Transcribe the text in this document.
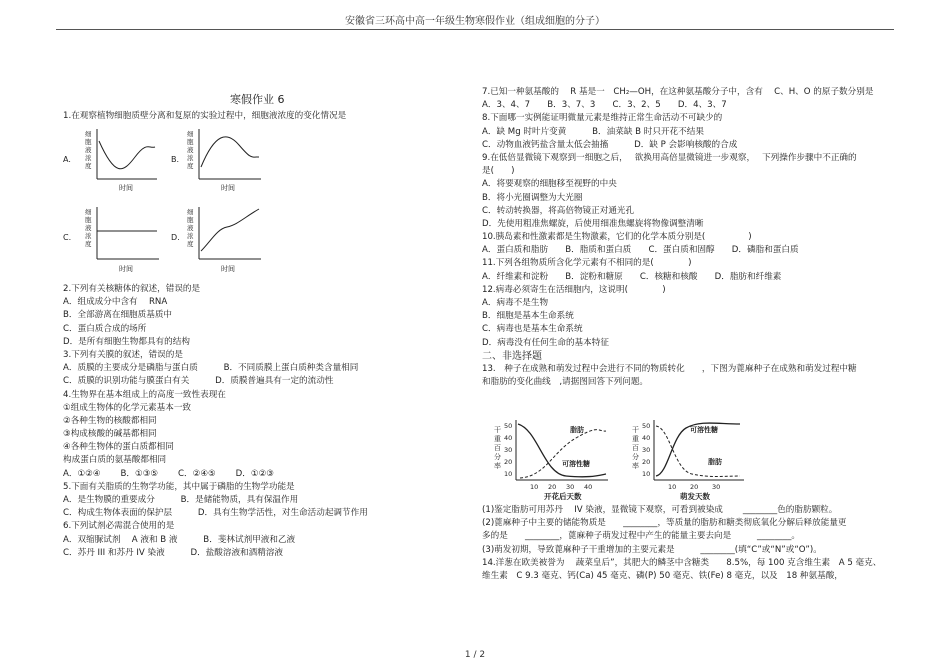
安徽省三环高中高一年级生物寒假作业（组成细胞的分子）
寒假作业 6
1.在观察植物细胞质壁分离和复原的实验过程中，细胞液浓度的变化情况是
A.
细
胞
液
浓
度
时间
B.
细
胞
液
浓
度
时间
C.
细
胞
液
浓
度
时间
D.
细
胞
液
浓
度
时间
2.下列有关核糖体的叙述，错误的是
A．组成成分中含有　 RNA
B．全部游离在细胞质基质中
C．蛋白质合成的场所
D．是所有细胞生物都具有的结构
3.下列有关膜的叙述，错误的是
A．质膜的主要成分是磷脂与蛋白质　　　B．不同质膜上蛋白质种类含量相同
C．质膜的识别功能与膜蛋白有关　　　D．质膜普遍具有一定的流动性
4.生物界在基本组成上的高度一致性表现在
①组成生物体的化学元素基本一致
②各种生物的核酸都相同
③构成核酸的碱基都相同
④各种生物体的蛋白质都相同
构成蛋白质的氨基酸都相同
A．①②④　　 B．①③⑤　　 C．②④⑤　　 D．①②③
5.下面有关脂质的生物学功能，其中属于磷脂的生物学功能是
A．是生物膜的重要成分　　　B．是储能物质，具有保温作用
C．构成生物体表面的保护层　　　D．具有生物学活性，对生命活动起调节作用
6.下列试剂必需混合使用的是
A．双缩脲试剂　 A 液和 B 液　　　B．斐林试剂甲液和乙液
C．苏丹 III 和苏丹 IV 染液　　　D．盐酸溶液和酒精溶液
7.已知一种氨基酸的　 R 基是一　CH₂—OH，在这种氨基酸分子中，含有　 C、H、O 的原子数分别是
A．3、4、7　　B．3、7、3　　C．3、2、5　　D．4、3、7
8.下面哪一实例能证明微量元素是维持正常生命活动不可缺少的
A．缺 Mg 时叶片变黄　　　B．油菜缺 B 时只开花不结果
C．动物血液钙盐含量太低会抽搐　　　D．缺 P 会影响核酸的合成
9.在低倍显微镜下观察到一细胞之后，　 欲换用高倍显微镜进一步观察，　 下列操作步骤中不正确的
是(　　)
A．将要观察的细胞移至视野的中央
B．将小光圈调整为大光圈
C．转动转换器，将高倍物镜正对通光孔
D．先使用粗准焦螺旋，后使用细准焦螺旋将物像调整清晰
10.胰岛素和性激素都是生物激素，它们的化学本质分别是(　　　　　)
A．蛋白质和脂肪　　B．脂质和蛋白质　　C．蛋白质和固醇　　D．磷脂和蛋白质
11.下列各组物质所含化学元素有不相同的是(　　　　)
A．纤维素和淀粉　　B．淀粉和糖原　　C．核糖和核酸　　D．脂肪和纤维素
12.病毒必须寄生在活细胞内，这说明(　　　　)
A．病毒不是生物
B．细胞是基本生命系统
C．病毒也是基本生命系统
D．病毒没有任何生命的基本特征
二、非选择题
13.　种子在成熟和萌发过程中会进行不同的物质转化　　，下图为蓖麻种子在成熟和萌发过程中糖
和脂肪的变化曲线　,请据图回答下列问题。
干
重
百
分
率
50
40
30
20
10
脂肪
可溶性糖
10 20 30 40
开花后天数
干
重
百
分
率
50
40
30
20
10
可溶性糖
脂肪
10 20 30
萌发天数
(1)鉴定脂肪可用苏丹　 IV 染液，显微镜下观察，可看到被染成　　 ________色的脂肪颗粒。
(2)蓖麻种子中主要的储能物质是　　________，等质量的脂肪和糖类彻底氧化分解后释放能量更
多的是　　________，蓖麻种子萌发过程中产生的能量主要去向是　　　________。
(3)萌发初期，导致蓖麻种子干重增加的主要元素是　　　________(填“C”或“N”或“O”)。
14.洋葱在欧美被誉为　 蔬菜皇后”，其肥大的鳞茎中含糖类　　8.5%，每 100 克含维生素　A 5 毫克、
维生素　C 9.3 毫克、钙(Ca) 45 毫克、磷(P) 50 毫克、铁(Fe) 8 毫克，以及　18 种氨基酸，
1 / 2
